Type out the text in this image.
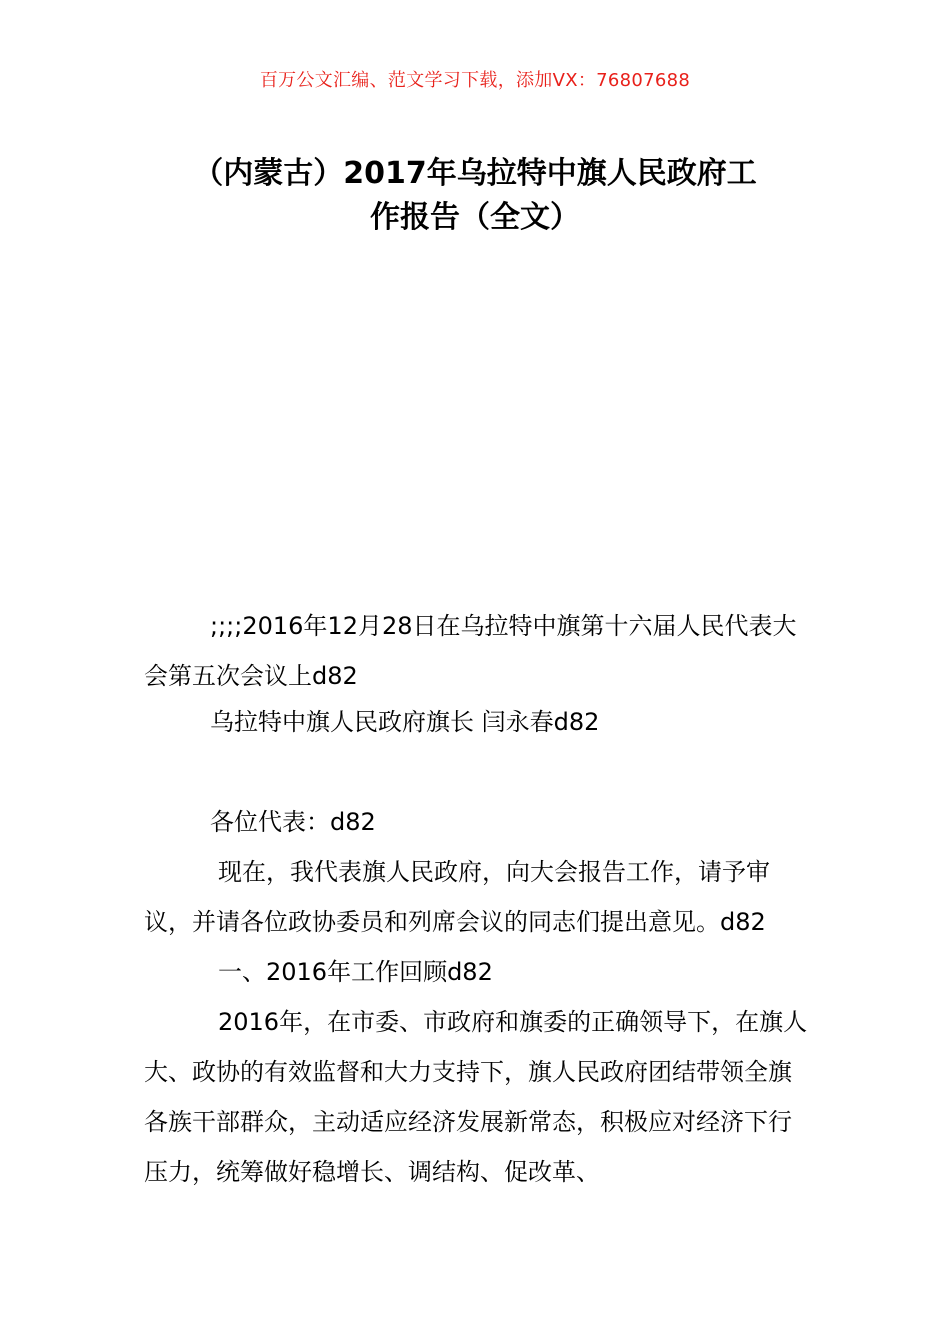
百万公文汇编、范文学习下载，添加VX：76807688
（内蒙古）2017年乌拉特中旗人民政府工
作报告（全文）

;;;;2016年12月28日在乌拉特中旗第十六届人民代表大会第五次会议上d82

乌拉特中旗人民政府旗长 闫永春d82

各位代表：d82

现在，我代表旗人民政府，向大会报告工作，请予审议，并请各位政协委员和列席会议的同志们提出意见。d82

一、2016年工作回顾d82

2016年，在市委、市政府和旗委的正确领导下，在旗人大、政协的有效监督和大力支持下，旗人民政府团结带领全旗各族干部群众，主动适应经济发展新常态，积极应对经济下行压力，统筹做好稳增长、调结构、促改革、
